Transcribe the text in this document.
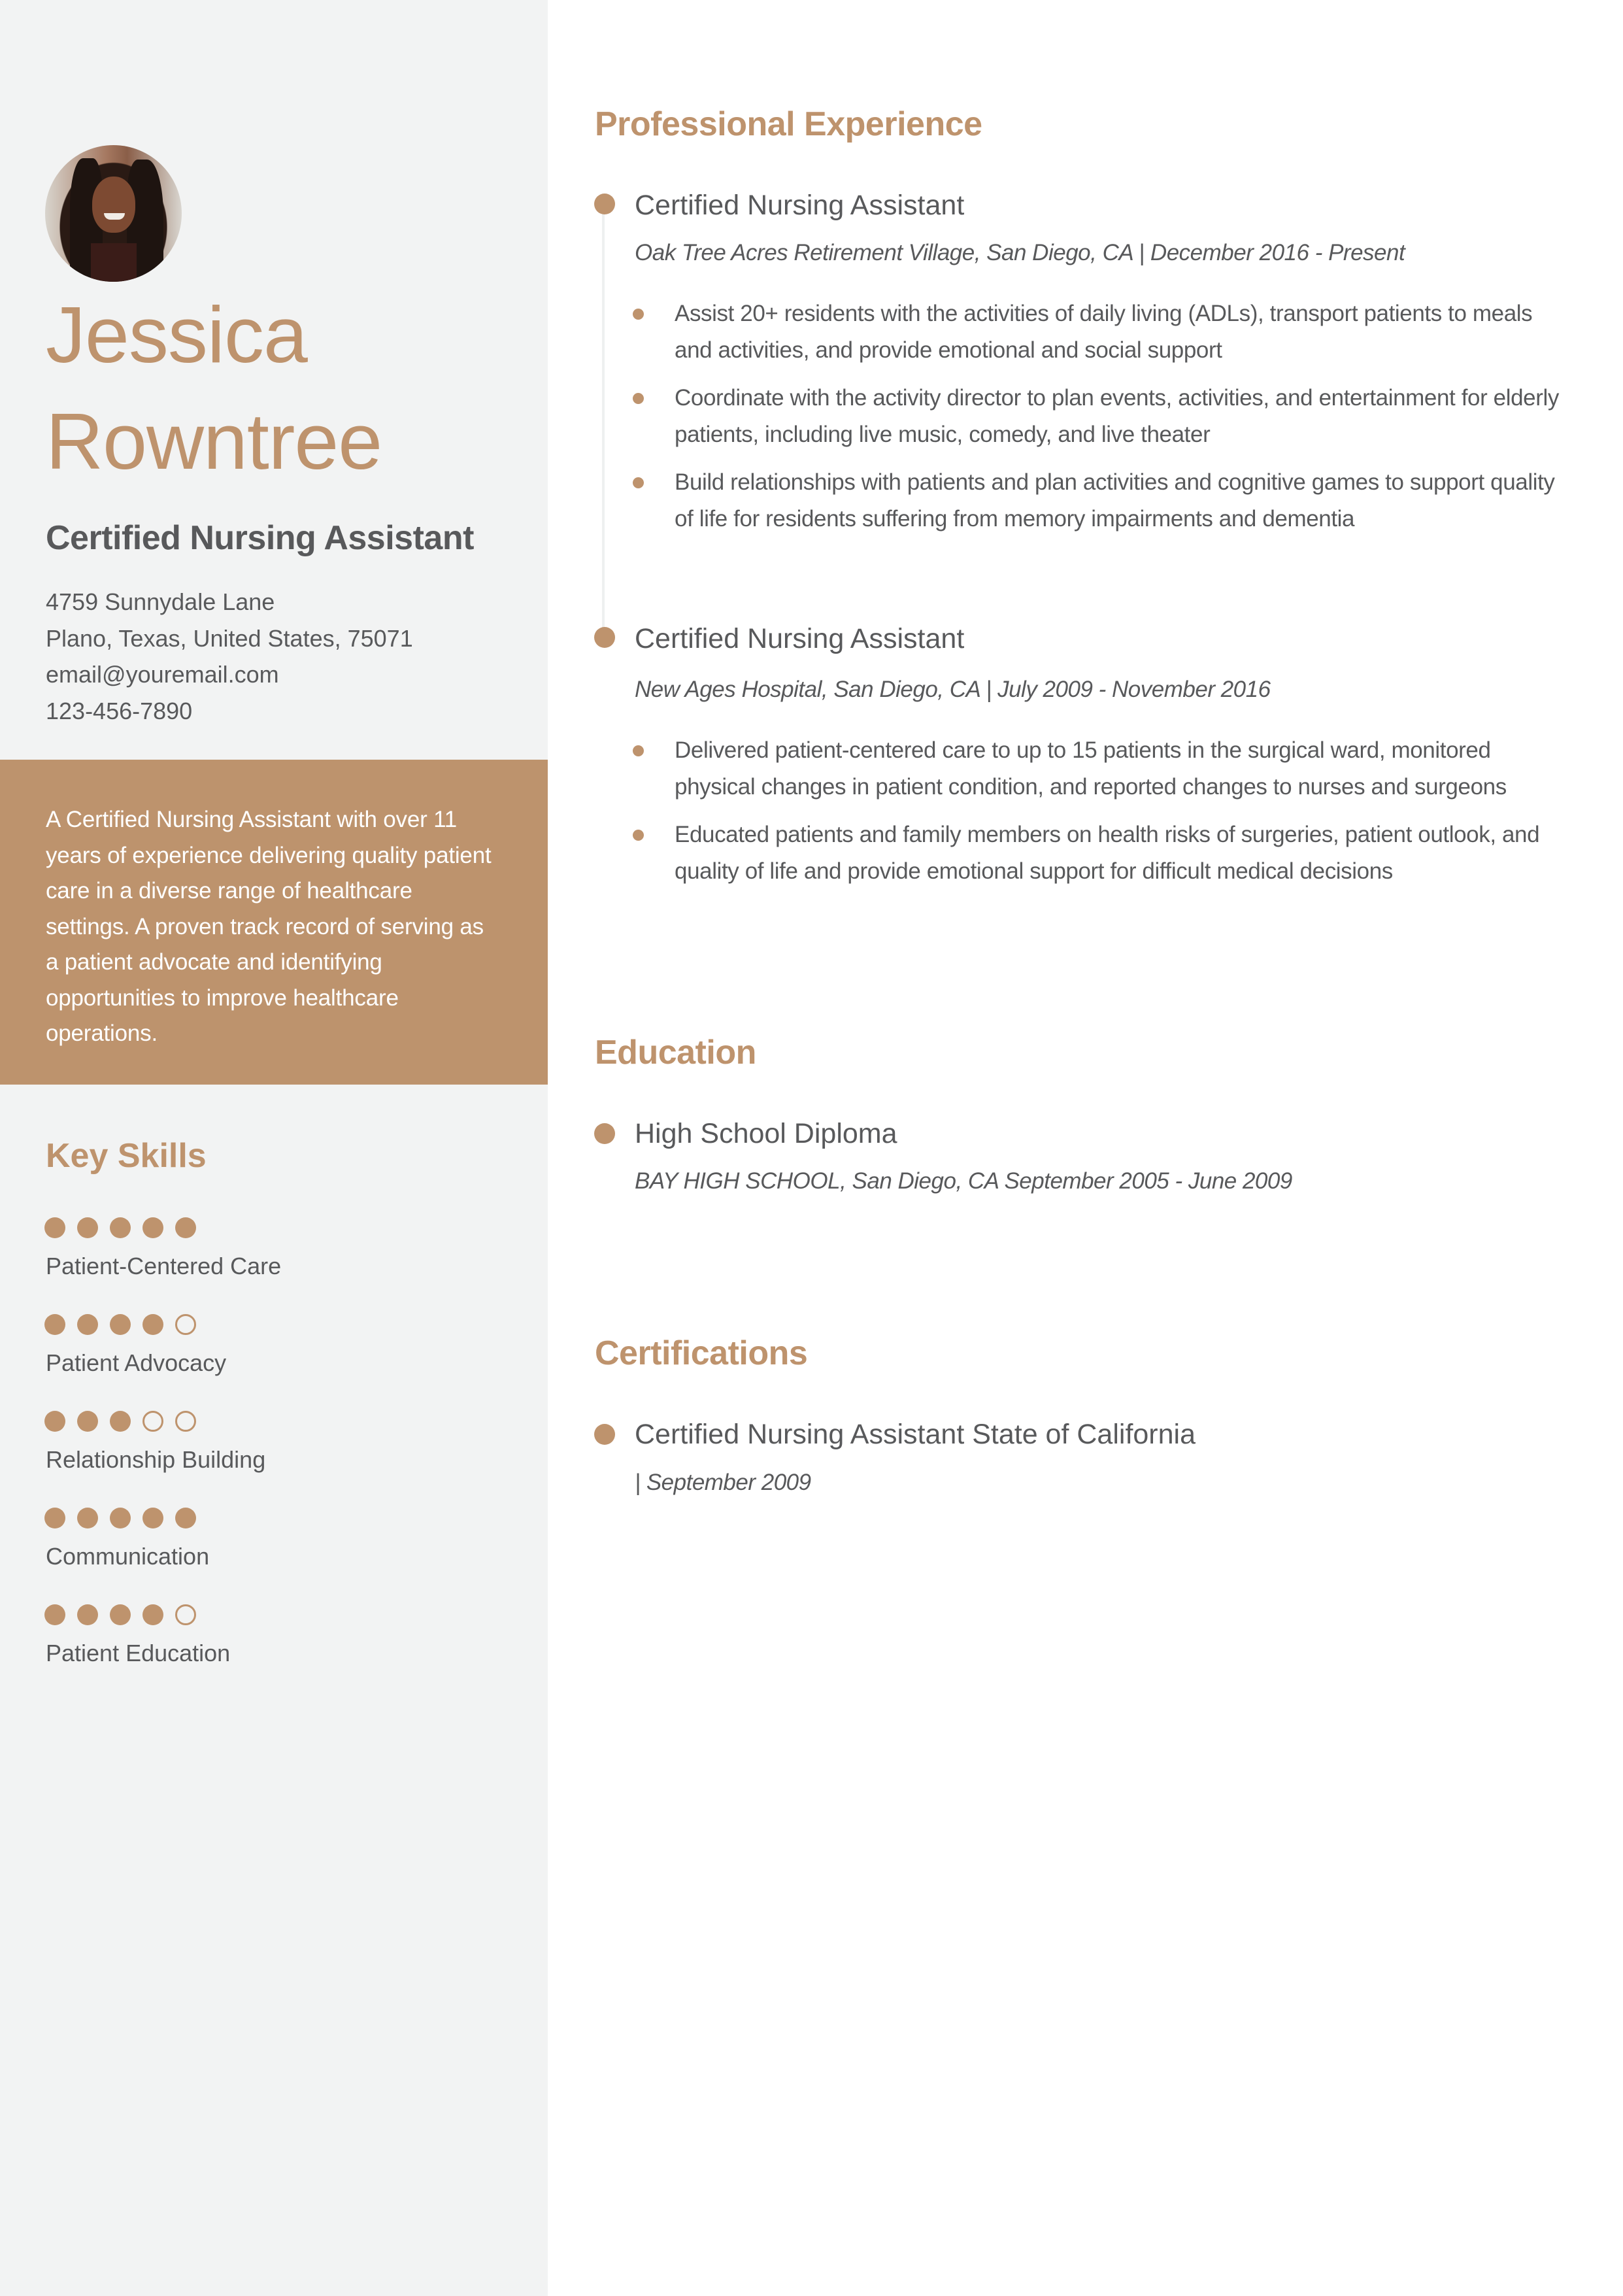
Jessica
Rowntree
Certified Nursing Assistant
4759 Sunnydale Lane
Plano, Texas, United States, 75071
email@youremail.com
123-456-7890
A Certified Nursing Assistant with over 11 years of experience delivering quality patient care in a diverse range of healthcare settings. A proven track record of serving as a patient advocate and identifying opportunities to improve healthcare operations.
Key Skills
Patient-Centered Care
Patient Advocacy
Relationship Building
Communication
Patient Education
Professional Experience
Certified Nursing Assistant
Oak Tree Acres Retirement Village, San Diego, CA | December 2016 - Present
Assist 20+ residents with the activities of daily living (ADLs), transport patients to meals and activities, and provide emotional and social support
Coordinate with the activity director to plan events, activities, and entertainment for elderly patients, including live music, comedy, and live theater
Build relationships with patients and plan activities and cognitive games to support quality of life for residents suffering from memory impairments and dementia
Certified Nursing Assistant
New Ages Hospital, San Diego, CA | July 2009 - November 2016
Delivered patient-centered care to up to 15 patients in the surgical ward, monitored physical changes in patient condition, and reported changes to nurses and surgeons
Educated patients and family members on health risks of surgeries, patient outlook, and quality of life and provide emotional support for difficult medical decisions
Education
High School Diploma
BAY HIGH SCHOOL, San Diego, CA September 2005 - June 2009
Certifications
Certified Nursing Assistant State of California
| September 2009
